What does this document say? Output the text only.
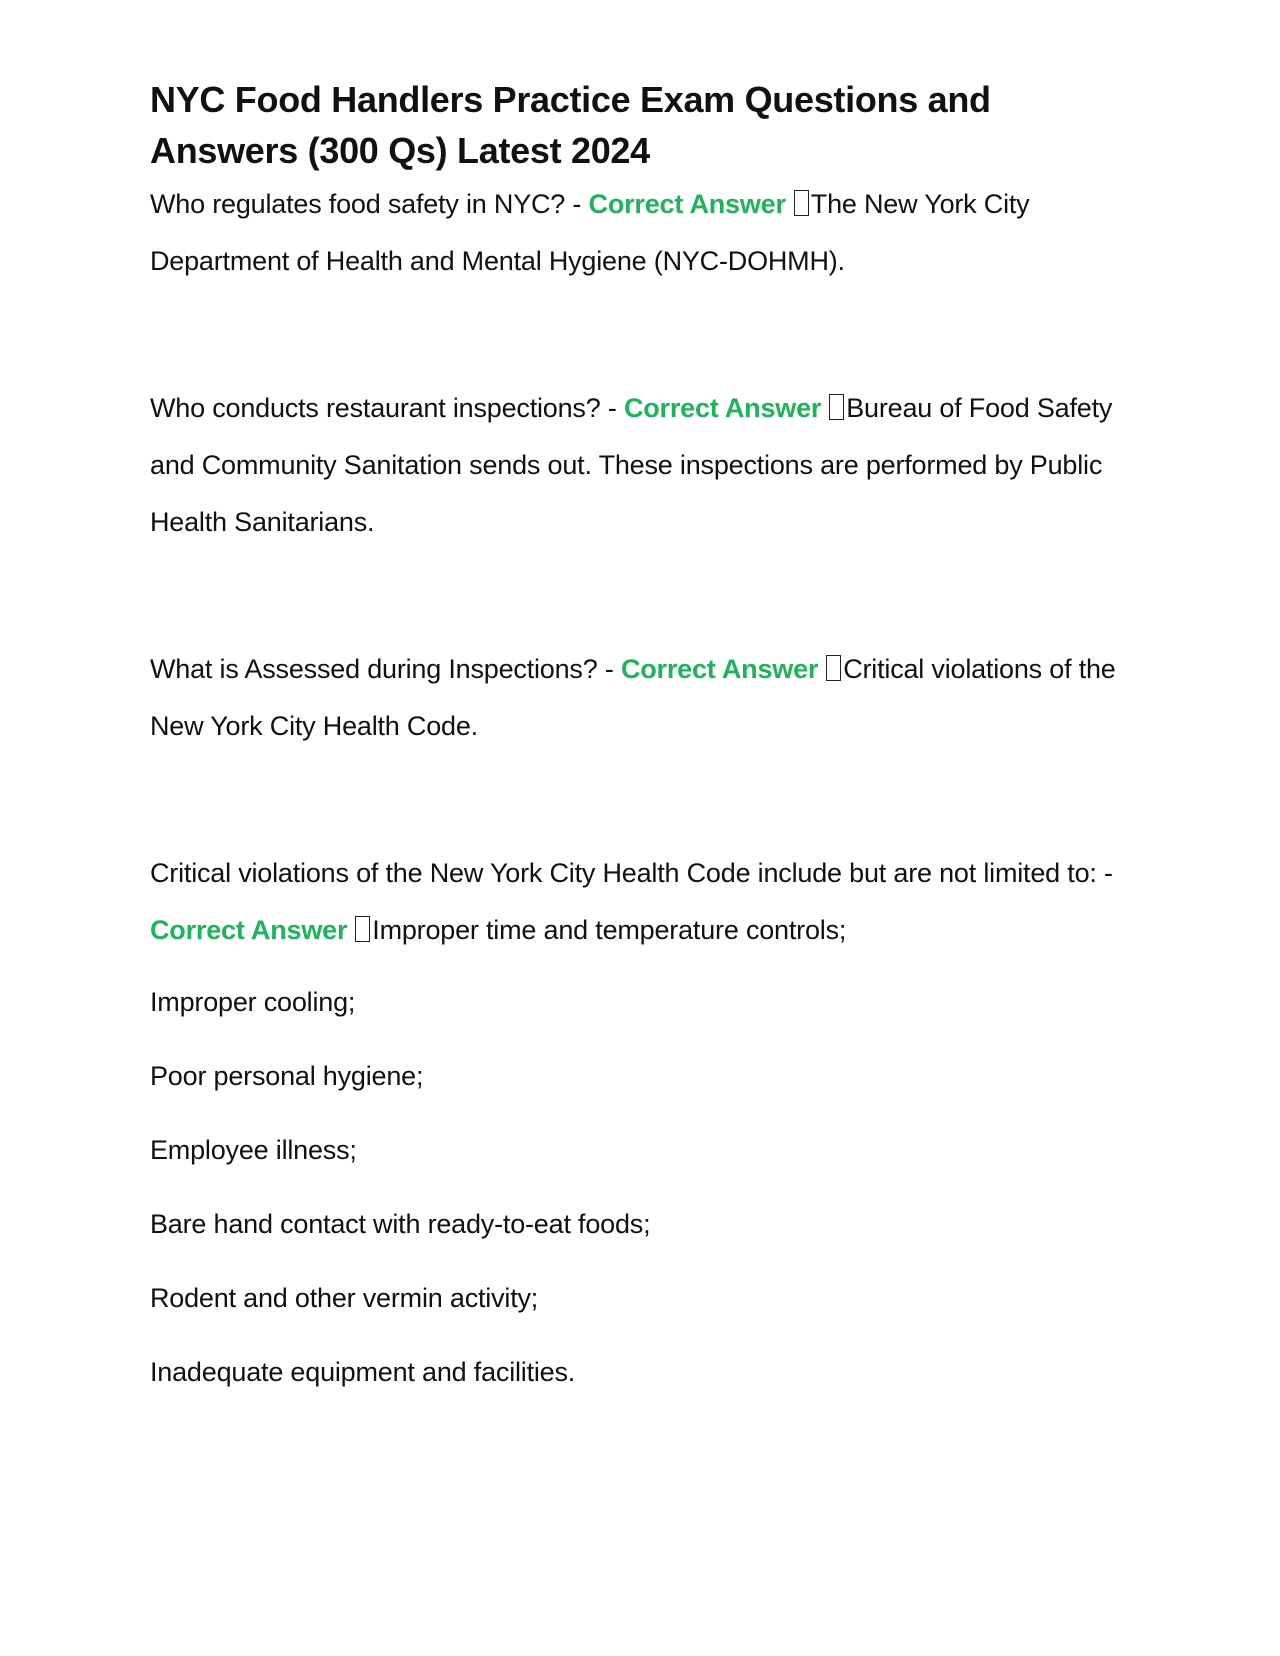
NYC Food Handlers Practice Exam Questions and Answers (300 Qs) Latest 2024

Who regulates food safety in NYC? - Correct Answer The New York City Department of Health and Mental Hygiene (NYC-DOHMH).

Who conducts restaurant inspections? - Correct Answer Bureau of Food Safety and Community Sanitation sends out. These inspections are performed by Public Health Sanitarians.

What is Assessed during Inspections? - Correct Answer Critical violations of the New York City Health Code.

Critical violations of the New York City Health Code include but are not limited to: - Correct Answer Improper time and temperature controls;

Improper cooling;

Poor personal hygiene;

Employee illness;

Bare hand contact with ready-to-eat foods;

Rodent and other vermin activity;

Inadequate equipment and facilities.
